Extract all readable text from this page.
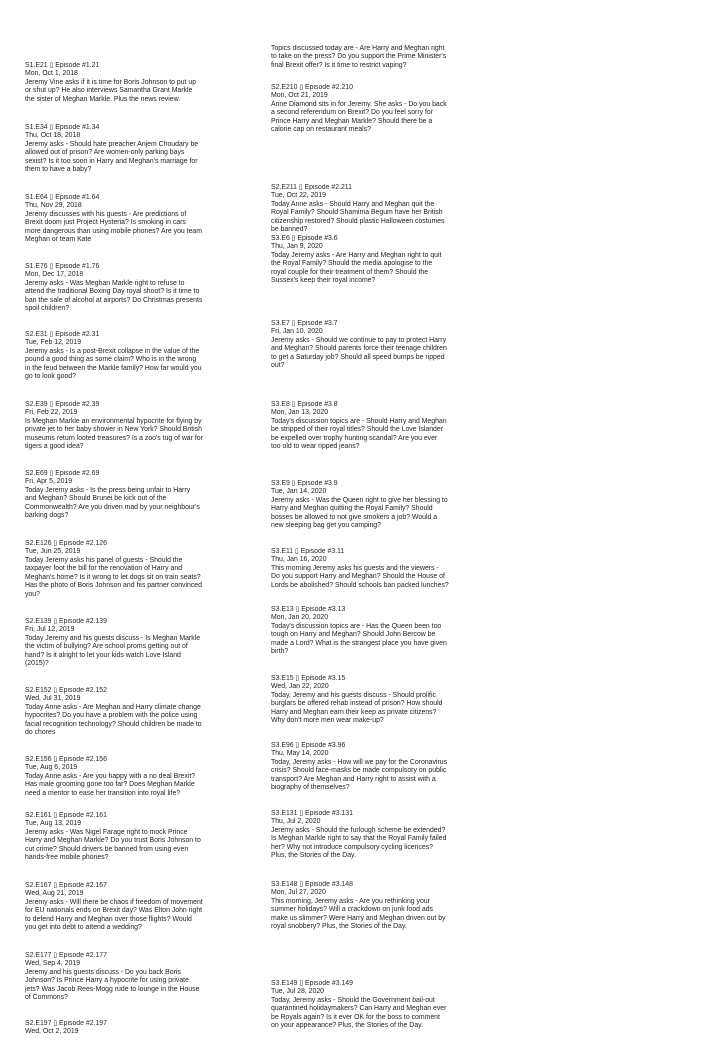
S1.E21 ▯ Episode #1.21
Mon, Oct 1, 2018
Jeremy Vine asks if it is time for Boris Johnson to put up
or shut up? He also interviews Samantha Grant Markle
the sister of Meghan Markle. Plus the news review.
S1.E34 ▯ Episode #1.34
Thu, Oct 18, 2018
Jeremy asks - Should hate preacher Anjem Choudary be
allowed out of prison? Are women-only parking bays
sexist? Is it too soon in Harry and Meghan's marriage for
them to have a baby?
S1.E64 ▯ Episode #1.64
Thu, Nov 29, 2018
Jeremy discusses with his guests - Are predictions of
Brexit doom just Project Hysteria? Is smoking in cars
more dangerous than using mobile phones? Are you team
Meghan or team Kate
S1.E76 ▯ Episode #1.76
Mon, Dec 17, 2018
Jeremy asks - Was Meghan Markle right to refuse to
attend the traditional Boxing Day royal shoot? Is it time to
ban the sale of alcohol at airports? Do Christmas presents
spoil children?
S2.E31 ▯ Episode #2.31
Tue, Feb 12, 2019
Jeremy asks - Is a post-Brexit collapse in the value of the
pound a good thing as some claim? Who is in the wrong
in the feud between the Markle family? How far would you
go to look good?
S2.E39 ▯ Episode #2.39
Fri, Feb 22, 2019
Is Meghan Markle an environmental hypocrite for flying by
private jet to her baby shower in New York? Should British
museums return looted treasures? Is a zoo's tug of war for
tigers a good idea?
S2.E69 ▯ Episode #2.69
Fri, Apr 5, 2019
Today Jeremy asks - Is the press being unfair to Harry
and Meghan? Should Brunei be kick out of the
Commonwealth? Are you driven mad by your neighbour's
barking dogs?
S2.E126 ▯ Episode #2.126
Tue, Jun 25, 2019
Today Jeremy asks his panel of guests - Should the
taxpayer foot the bill for the renovation of Harry and
Meghan's home? Is it wrong to let dogs sit on train seats?
Has the photo of Boris Johnson and his partner convinced
you?
S2.E139 ▯ Episode #2.139
Fri, Jul 12, 2019
Today Jeremy and his guests discuss - Is Meghan Markle
the victim of bullying? Are school proms getting out of
hand? Is it alright to let your kids watch Love Island
(2015)?
S2.E152 ▯ Episode #2.152
Wed, Jul 31, 2019
Today Anne asks - Are Meghan and Harry climate change
hypocrites? Do you have a problem with the police using
facial recognition technology? Should children be made to
do chores
S2.E156 ▯ Episode #2.156
Tue, Aug 6, 2019
Today Anne asks - Are you happy with a no deal Brexit?
Has male grooming gone too far? Does Meghan Markle
need a mentor to ease her transition into royal life?
S2.E161 ▯ Episode #2.161
Tue, Aug 13, 2019
Jeremy asks - Was Nigel Farage right to mock Prince
Harry and Meghan Markle? Do you trust Boris Johnson to
cut crime? Should drivers be banned from using even
hands-free mobile phones?
S2.E167 ▯ Episode #2.167
Wed, Aug 21, 2019
Jeremy asks - Will there be chaos if freedom of movement
for EU nationals ends on Brexit day? Was Elton John right
to defend Harry and Meghan over those flights? Would
you get into debt to attend a wedding?
S2.E177 ▯ Episode #2.177
Wed, Sep 4, 2019
Jeremy and his guests discuss - Do you back Boris
Johnson? Is Prince Harry a hypocrite for using private
jets? Was Jacob Rees-Mogg rude to lounge in the House
of Commons?
S2.E197 ▯ Episode #2.197
Wed, Oct 2, 2019
Topics discussed today are - Are Harry and Meghan right
to take on the press? Do you support the Prime Minister's
final Brexit offer? Is it time to restrict vaping?
S2.E210 ▯ Episode #2.210
Mon, Oct 21, 2019
Anne Diamond sits in for Jeremy. She asks - Do you back
a second referendum on Brexit? Do you feel sorry for
Prince Harry and Meghan Markle? Should there be a
calorie cap on restaurant meals?
S2.E211 ▯ Episode #2.211
Tue, Oct 22, 2019
Today Anne asks - Should Harry and Meghan quit the
Royal Family? Should Shamima Begum have her British
citizenship restored? Should plastic Halloween costumes
be banned?
S3.E6 ▯ Episode #3.6
Thu, Jan 9, 2020
Today Jeremy asks - Are Harry and Meghan right to quit
the Royal Family? Should the media apologise to the
royal couple for their treatment of them? Should the
Sussex's keep their royal income?
S3.E7 ▯ Episode #3.7
Fri, Jan 10, 2020
Jeremy asks - Should we continue to pay to protect Harry
and Meghan? Should parents force their teenage children
to get a Saturday job? Should all speed bumps be ripped
out?
S3.E8 ▯ Episode #3.8
Mon, Jan 13, 2020
Today's discussion topics are - Should Harry and Meghan
be stripped of their royal titles? Should the Love Islander
be expelled over trophy hunting scandal? Are you ever
too old to wear ripped jeans?
S3.E9 ▯ Episode #3.9
Tue, Jan 14, 2020
Jeremy asks - Was the Queen right to give her blessing to
Harry and Meghan quitting the Royal Family? Should
bosses be allowed to not give smokers a job? Would a
new sleeping bag get you camping?
S3.E11 ▯ Episode #3.11
Thu, Jan 16, 2020
This morning Jeremy asks his guests and the viewers -
Do you support Harry and Meghan? Should the House of
Lords be abolished? Should schools ban packed lunches?
S3.E13 ▯ Episode #3.13
Mon, Jan 20, 2020
Today's discussion topics are - Has the Queen been too
tough on Harry and Meghan? Should John Bercow be
made a Lord? What is the strangest place you have given
birth?
S3.E15 ▯ Episode #3.15
Wed, Jan 22, 2020
Today, Jeremy and his guests discuss - Should prolific
burglars be offered rehab instead of prison? How should
Harry and Meghan earn their keep as private citizens?
Why don't more men wear make-up?
S3.E96 ▯ Episode #3.96
Thu, May 14, 2020
Today, Jeremy asks - How will we pay for the Coronavirus
crisis? Should face-masks be made compulsory on public
transport? Are Meghan and Harry right to assist with a
biography of themselves?
S3.E131 ▯ Episode #3.131
Thu, Jul 2, 2020
Jeremy asks - Should the furlough scheme be extended?
Is Meghan Markle right to say that the Royal Family failed
her? Why not introduce compulsory cycling licences?
Plus, the Stories of the Day.
S3.E148 ▯ Episode #3.148
Mon, Jul 27, 2020
This morning, Jeremy asks - Are you rethinking your
summer holidays? Will a crackdown on junk food ads
make us slimmer? Were Harry and Meghan driven out by
royal snobbery? Plus, the Stories of the Day.
S3.E149 ▯ Episode #3.149
Tue, Jul 28, 2020
Today, Jeremy asks - Should the Government bail-out
quarantined holidaymakers? Can Harry and Meghan ever
be Royals again? Is it ever OK for the boss to comment
on your appearance? Plus, the Stories of the Day.
